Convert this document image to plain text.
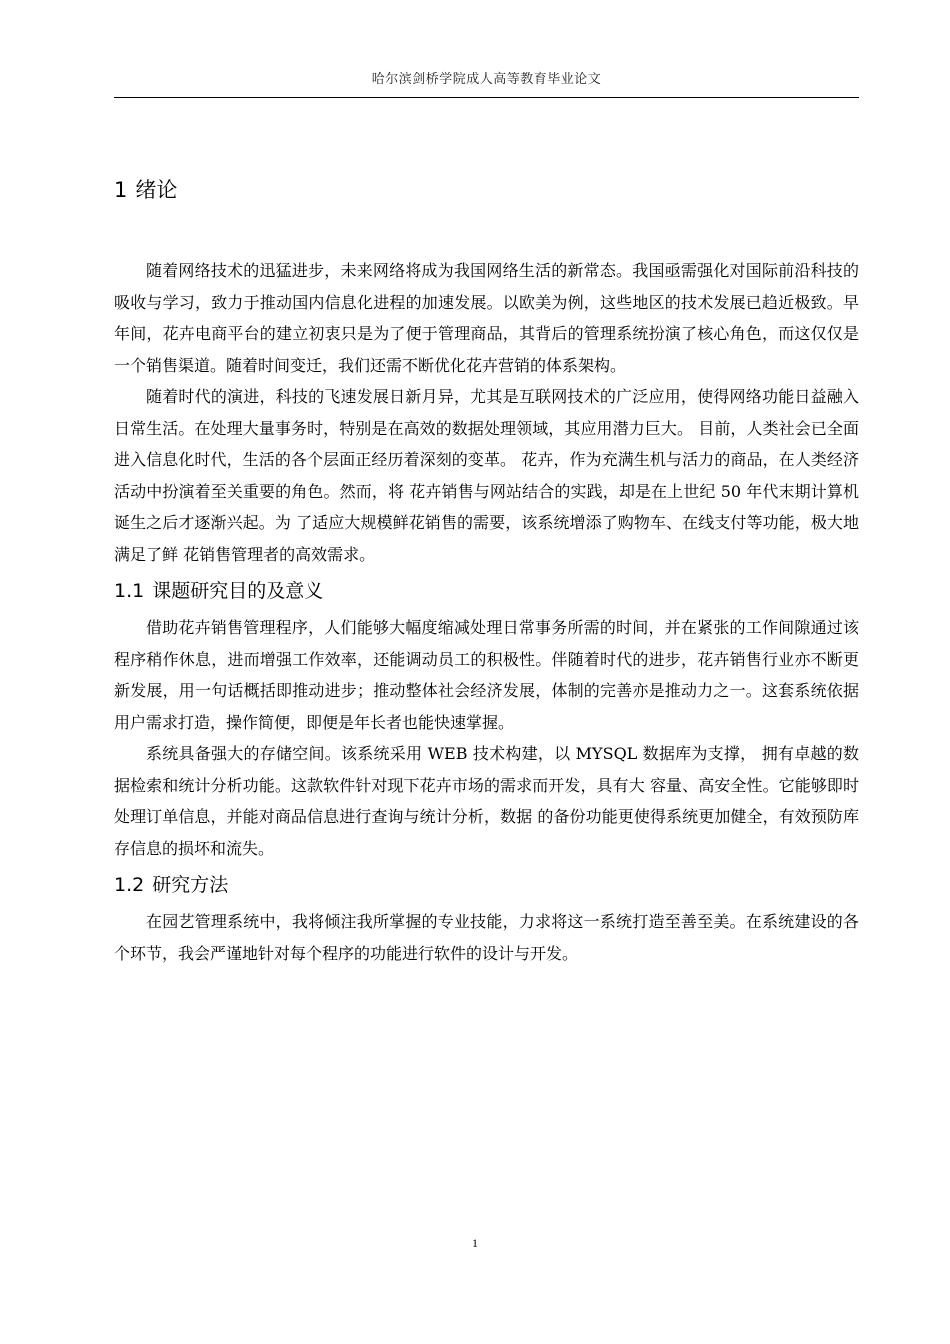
哈尔滨剑桥学院成人高等教育毕业论文
1 绪论

随着网络技术的迅猛进步，未来网络将成为我国网络生活的新常态。我国亟需强化对国际前沿科技的吸收与学习，致力于推动国内信息化进程的加速发展。以欧美为例，这些地区的技术发展已趋近极致。早年间，花卉电商平台的建立初衷只是为了便于管理商品，其背后的管理系统扮演了核心角色，而这仅仅是一个销售渠道。随着时间变迁，我们还需不断优化花卉营销的体系架构。

随着时代的演进，科技的飞速发展日新月异，尤其是互联网技术的广泛应用，使得网络功能日益融入日常生活。在处理大量事务时，特别是在高效的数据处理领域，其应用潜力巨大。 目前，人类社会已全面进入信息化时代，生活的各个层面正经历着深刻的变革。 花卉，作为充满生机与活力的商品，在人类经济活动中扮演着至关重要的角色。然而，将 花卉销售与网站结合的实践，却是在上世纪 50 年代末期计算机诞生之后才逐渐兴起。为 了适应大规模鲜花销售的需要，该系统增添了购物车、在线支付等功能，极大地满足了鲜 花销售管理者的高效需求。

1.1 课题研究目的及意义

借助花卉销售管理程序，人们能够大幅度缩减处理日常事务所需的时间，并在紧张的工作间隙通过该程序稍作休息，进而增强工作效率，还能调动员工的积极性。伴随着时代的进步，花卉销售行业亦不断更新发展，用一句话概括即推动进步；推动整体社会经济发展，体制的完善亦是推动力之一。这套系统依据用户需求打造，操作简便，即便是年长者也能快速掌握。

系统具备强大的存储空间。该系统采用 WEB 技术构建，以 MYSQL 数据库为支撑， 拥有卓越的数据检索和统计分析功能。这款软件针对现下花卉市场的需求而开发，具有大 容量、高安全性。它能够即时处理订单信息，并能对商品信息进行查询与统计分析，数据 的备份功能更使得系统更加健全，有效预防库存信息的损坏和流失。

1.2 研究方法

在园艺管理系统中，我将倾注我所掌握的专业技能，力求将这一系统打造至善至美。在系统建设的各个环节，我会严谨地针对每个程序的功能进行软件的设计与开发。

1
